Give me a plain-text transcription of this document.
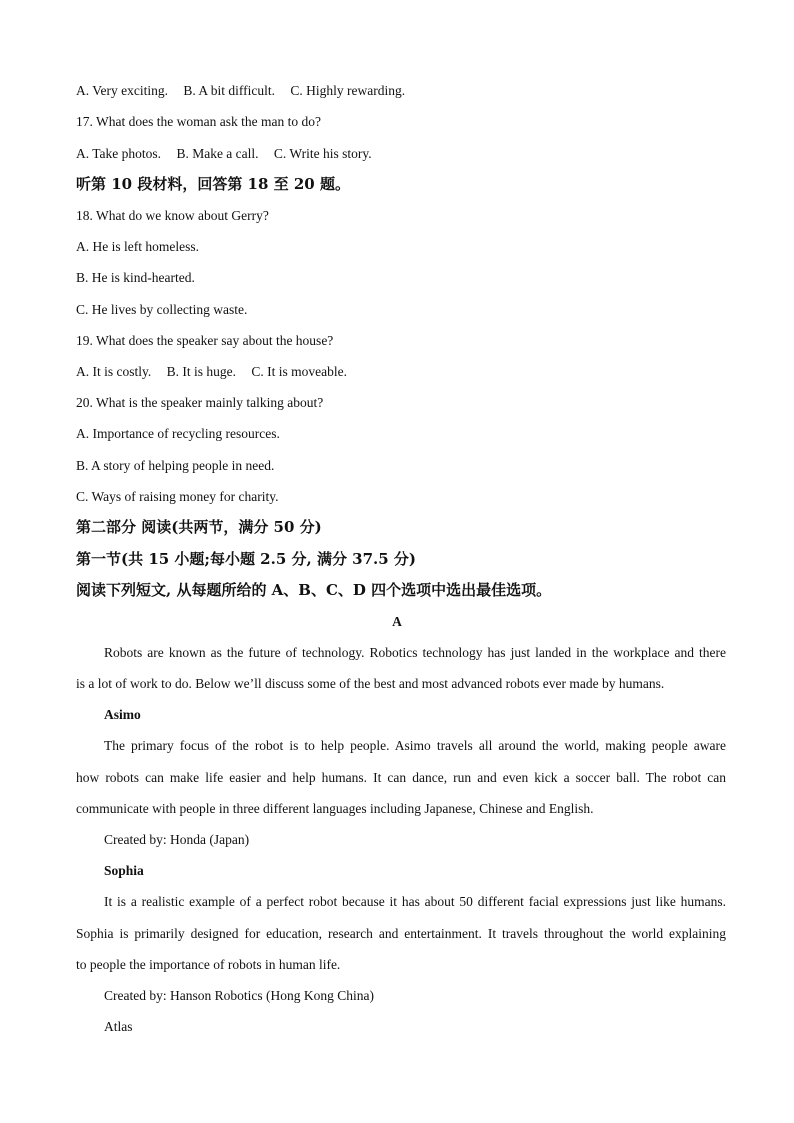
A. Very exciting. B. A bit difficult. C. Highly rewarding.
17. What does the woman ask the man to do?
A. Take photos. B. Make a call. C. Write his story.
听第 10 段材料，回答第 18 至 20 题。
18. What do we know about Gerry?
A. He is left homeless.
B. He is kind-hearted.
C. He lives by collecting waste.
19. What does the speaker say about the house?
A. It is costly. B. It is huge. C. It is moveable.
20. What is the speaker mainly talking about?
A. Importance of recycling resources.
B. A story of helping people in need.
C. Ways of raising money for charity.
第二部分 阅读(共两节，满分 50 分)
第一节(共 15 小题;每小题 2.5 分, 满分 37.5 分)
阅读下列短文, 从每题所给的 A、B、C、D 四个选项中选出最佳选项。
A
Robots are known as the future of technology. Robotics technology has just landed in the workplace and there
is a lot of work to do. Below we’ll discuss some of the best and most advanced robots ever made by humans.
Asimo
The primary focus of the robot is to help people. Asimo travels all around the world, making people aware
how robots can make life easier and help humans. It can dance, run and even kick a soccer ball. The robot can
communicate with people in three different languages including Japanese, Chinese and English.
Created by: Honda (Japan)
Sophia
It is a realistic example of a perfect robot because it has about 50 different facial expressions just like humans.
Sophia is primarily designed for education, research and entertainment. It travels throughout the world explaining
to people the importance of robots in human life.
Created by: Hanson Robotics (Hong Kong China)
Atlas
